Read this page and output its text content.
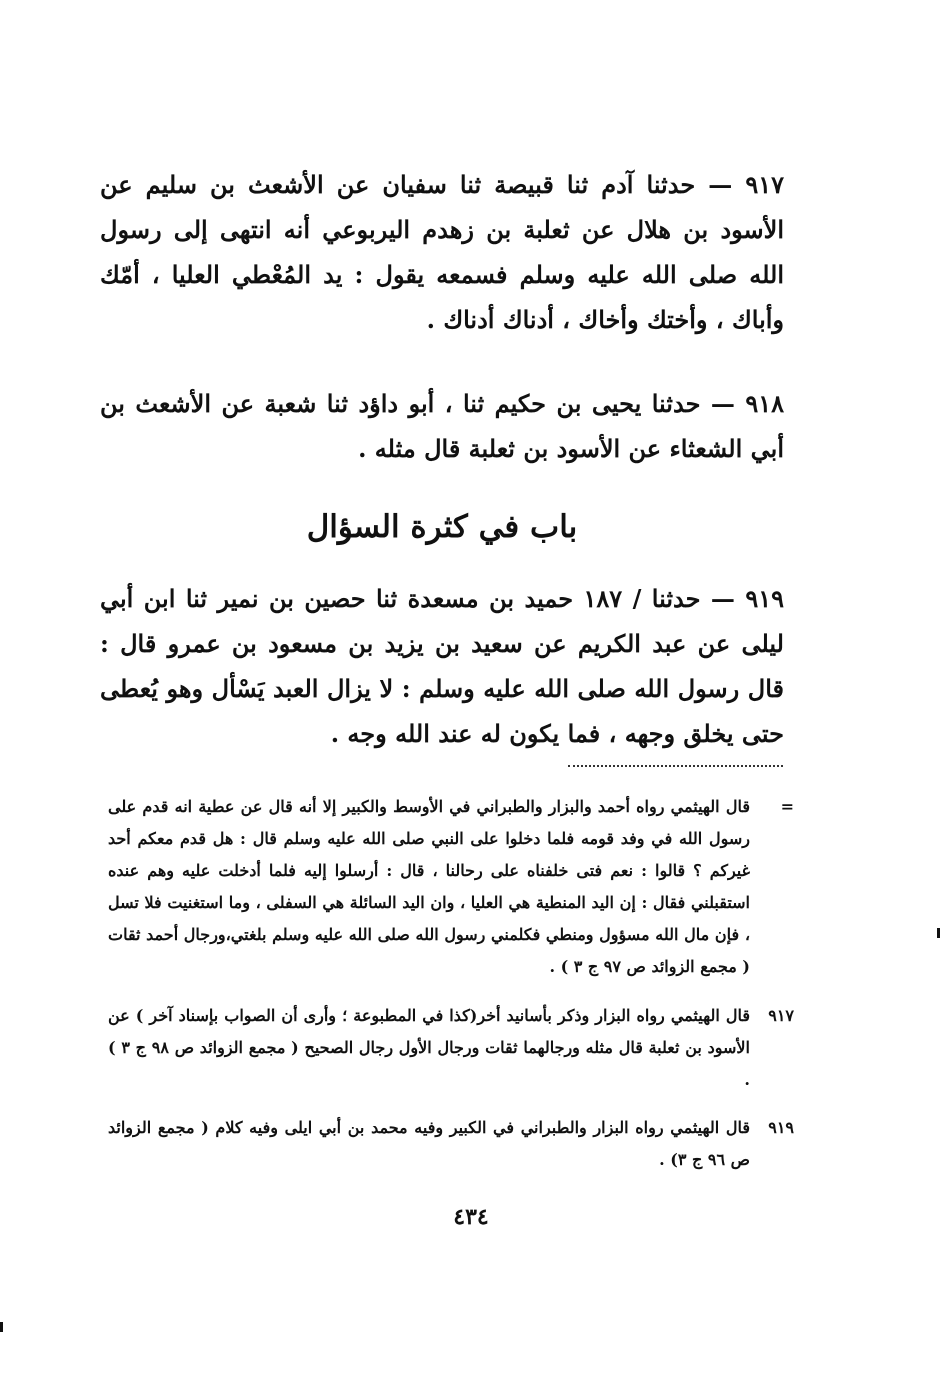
٩١٧ — حدثنا آدم ثنا قبيصة ثنا سفيان عن الأشعث بن سليم عن الأسود بن هلال عن ثعلبة بن زهدم اليربوعي أنه انتهى إلى رسول الله صلى الله عليه وسلم فسمعه يقول : يد المُعْطي العليا ، أمّك وأباك ، وأختك وأخاك ، أدناك أدناك .

٩١٨ — حدثنا يحيى بن حكيم ثنا ، أبو داؤد ثنا شعبة عن الأشعث بن أبي الشعثاء عن الأسود بن ثعلبة قال مثله .

باب في كثرة السؤال

٩١٩ — حدثنا / ١٨٧ حميد بن مسعدة ثنا حصين بن نمير ثنا ابن أبي ليلى عن عبد الكريم عن سعيد بن يزيد بن مسعود بن عمرو قال : قال رسول الله صلى الله عليه وسلم : لا يزال العبد يَسْأل وهو يُعطى حتى يخلق وجهه ، فما يكون له عند الله وجه .

=
قال الهيثمي رواه أحمد والبزار والطبراني في الأوسط والكبير إلا أنه قال عن عطية انه قدم على رسول الله في وفد قومه فلما دخلوا على النبي صلى الله عليه وسلم قال : هل قدم معكم أحد غيركم ؟ قالوا : نعم فتى خلفناه على رحالنا ، قال : أرسلوا إليه فلما أدخلت عليه وهم عنده استقبلني فقال : إن اليد المنطية هي العليا ، وان اليد السائلة هي السفلى ، وما استغنيت فلا تسل ، فإن مال الله مسؤول ومنطي فكلمني رسول الله صلى الله عليه وسلم بلغتي،ورجال أحمد ثقات ( مجمع الزوائد ص ٩٧ ج ٣ ) .
٩١٧
قال الهيثمي رواه البزار وذكر بأسانيد أخر(كذا في المطبوعة ؛ وأرى أن الصواب بإسناد آخر ) عن الأسود بن ثعلبة قال مثله ورجالهما ثقات ورجال الأول رجال الصحيح ( مجمع الزوائد ص ٩٨ ج ٣ ) .
٩١٩
قال الهيثمي رواه البزار والطبراني في الكبير وفيه محمد بن أبي ايلى وفيه كلام ( مجمع الزوائد ص ٩٦ ج ٣) .
٤٣٤
